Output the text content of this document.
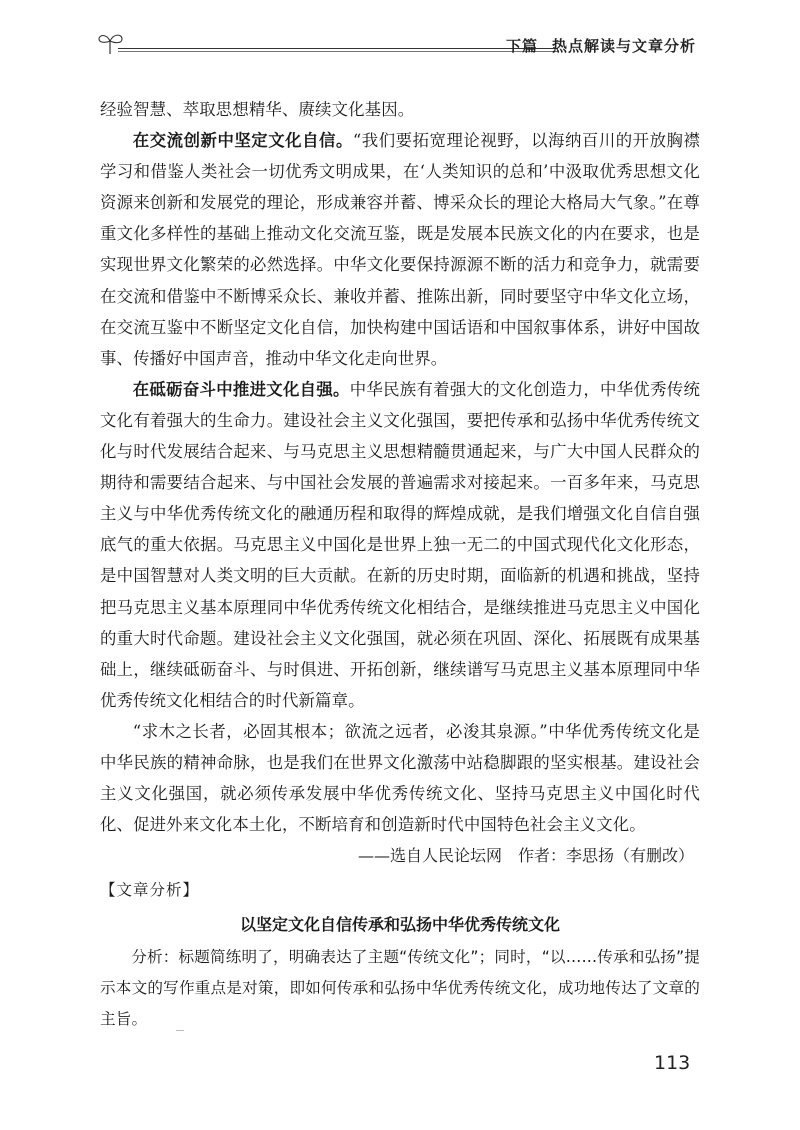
下篇 热点解读与文章分析

经验智慧、萃取思想精华、赓续文化基因。

在交流创新中坚定文化自信。“我们要拓宽理论视野，以海纳百川的开放胸襟学习和借鉴人类社会一切优秀文明成果，在‘人类知识的总和’中汲取优秀思想文化资源来创新和发展党的理论，形成兼容并蓄、博采众长的理论大格局大气象。”在尊重文化多样性的基础上推动文化交流互鉴，既是发展本民族文化的内在要求，也是实现世界文化繁荣的必然选择。中华文化要保持源源不断的活力和竞争力，就需要在交流和借鉴中不断博采众长、兼收并蓄、推陈出新，同时要坚守中华文化立场，在交流互鉴中不断坚定文化自信，加快构建中国话语和中国叙事体系，讲好中国故事、传播好中国声音，推动中华文化走向世界。

在砥砺奋斗中推进文化自强。中华民族有着强大的文化创造力，中华优秀传统文化有着强大的生命力。建设社会主义文化强国，要把传承和弘扬中华优秀传统文化与时代发展结合起来、与马克思主义思想精髓贯通起来，与广大中国人民群众的期待和需要结合起来、与中国社会发展的普遍需求对接起来。一百多年来，马克思主义与中华优秀传统文化的融通历程和取得的辉煌成就，是我们增强文化自信自强底气的重大依据。马克思主义中国化是世界上独一无二的中国式现代化文化形态，是中国智慧对人类文明的巨大贡献。在新的历史时期，面临新的机遇和挑战，坚持把马克思主义基本原理同中华优秀传统文化相结合，是继续推进马克思主义中国化的重大时代命题。建设社会主义文化强国，就必须在巩固、深化、拓展既有成果基础上，继续砥砺奋斗、与时俱进、开拓创新，继续谱写马克思主义基本原理同中华优秀传统文化相结合的时代新篇章。

“求木之长者，必固其根本；欲流之远者，必浚其泉源。”中华优秀传统文化是中华民族的精神命脉，也是我们在世界文化激荡中站稳脚跟的坚实根基。建设社会主义文化强国，就必须传承发展中华优秀传统文化、坚持马克思主义中国化时代化、促进外来文化本土化，不断培育和创造新时代中国特色社会主义文化。

——选自人民论坛网　作者：李思扬（有删改）
【文章分析】
以坚定文化自信传承和弘扬中华优秀传统文化

分析：标题简练明了，明确表达了主题“传统文化”；同时，“以……传承和弘扬”提示本文的写作重点是对策，即如何传承和弘扬中华优秀传统文化，成功地传达了文章的主旨。

113
